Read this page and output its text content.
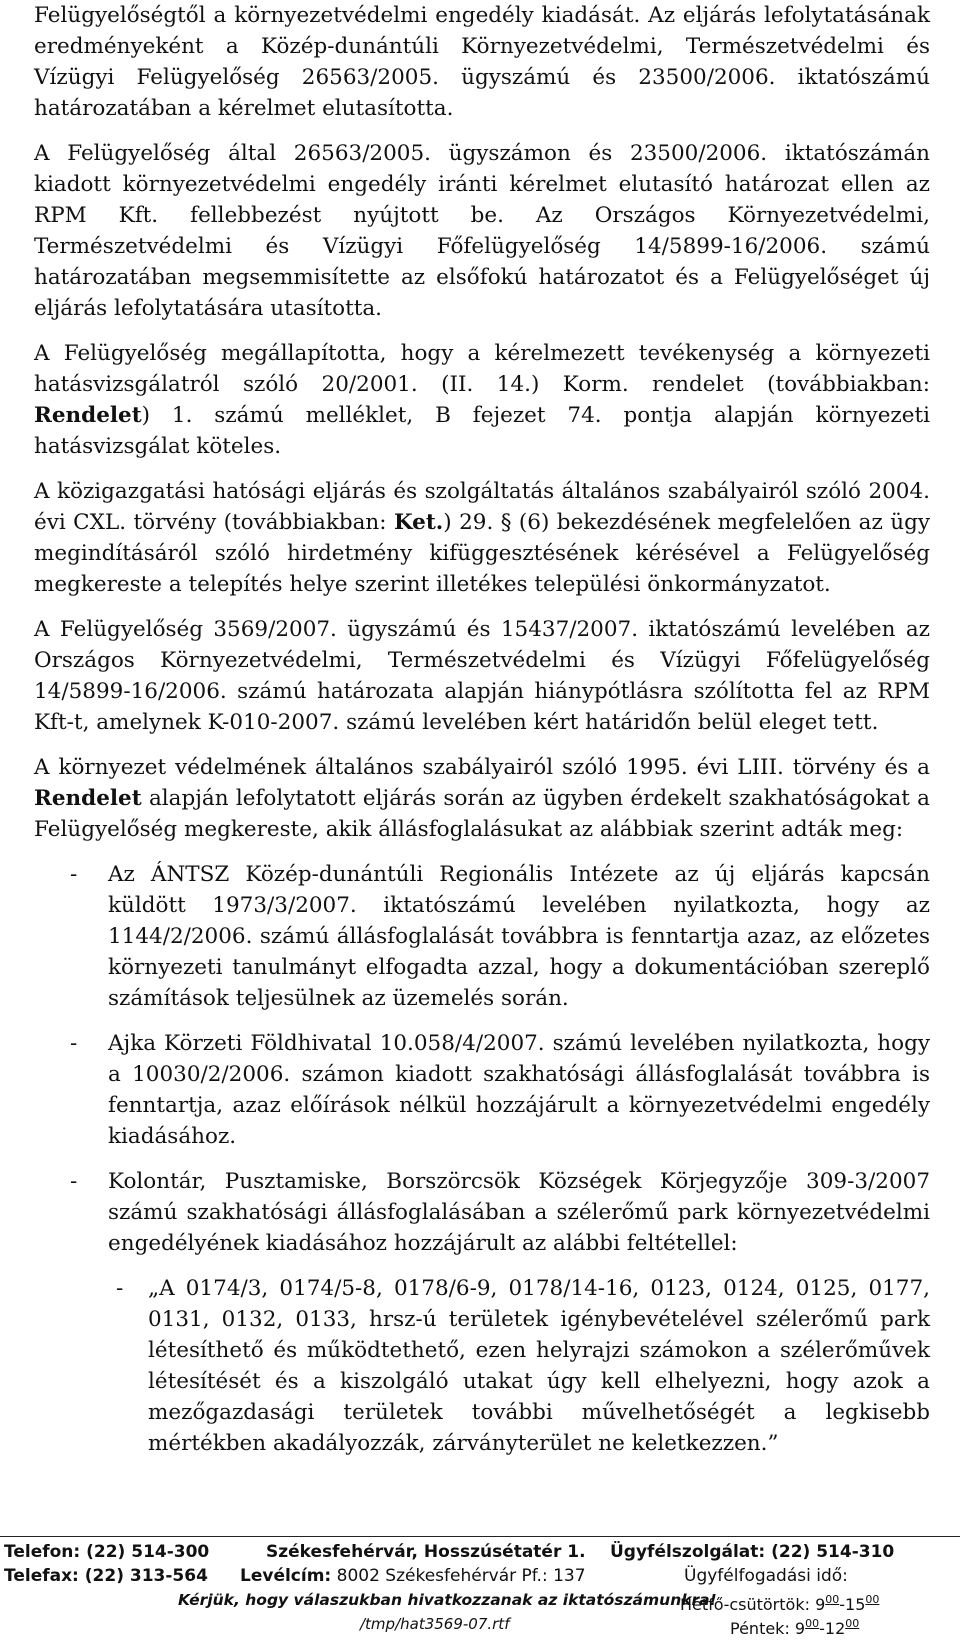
Felügyelőségtől a környezetvédelmi engedély kiadását. Az eljárás lefolytatásának eredményeként a Közép-dunántúli Környezetvédelmi, Természetvédelmi és Vízügyi Felügyelőség 26563/2005. ügyszámú és 23500/2006. iktatószámú határozatában a kérelmet elutasította.

A Felügyelőség által 26563/2005. ügyszámon és 23500/2006. iktatószámán kiadott környezetvédelmi engedély iránti kérelmet elutasító határozat ellen az RPM Kft. fellebbezést nyújtott be. Az Országos Környezetvédelmi, Természetvédelmi és Vízügyi Főfelügyelőség 14/5899-16/2006. számú határozatában megsemmisítette az elsőfokú határozatot és a Felügyelőséget új eljárás lefolytatására utasította.

A Felügyelőség megállapította, hogy a kérelmezett tevékenység a környezeti hatásvizsgálatról szóló 20/2001. (II. 14.) Korm. rendelet (továbbiakban: Rendelet) 1. számú melléklet, B fejezet 74. pontja alapján környezeti hatásvizsgálat köteles.

A közigazgatási hatósági eljárás és szolgáltatás általános szabályairól szóló 2004. évi CXL. törvény (továbbiakban: Ket.) 29. § (6) bekezdésének megfelelően az ügy megindításáról szóló hirdetmény kifüggesztésének kérésével a Felügyelőség megkereste a telepítés helye szerint illetékes települési önkormányzatot.

A Felügyelőség 3569/2007. ügyszámú és 15437/2007. iktatószámú levelében az Országos Környezetvédelmi, Természetvédelmi és Vízügyi Főfelügyelőség 14/5899-16/2006. számú határozata alapján hiánypótlásra szólította fel az RPM Kft-t, amelynek K-010-2007. számú levelében kért határidőn belül eleget tett.

A környezet védelmének általános szabályairól szóló 1995. évi LIII. törvény és a Rendelet alapján lefolytatott eljárás során az ügyben érdekelt szakhatóságokat a Felügyelőség megkereste, akik állásfoglalásukat az alábbiak szerint adták meg:

- Az ÁNTSZ Közép-dunántúli Regionális Intézete az új eljárás kapcsán küldött 1973/3/2007. iktatószámú levelében nyilatkozta, hogy az 1144/2/2006. számú állásfoglalását továbbra is fenntartja azaz, az előzetes környezeti tanulmányt elfogadta azzal, hogy a dokumentációban szereplő számítások teljesülnek az üzemelés során.

- Ajka Körzeti Földhivatal 10.058/4/2007. számú levelében nyilatkozta, hogy a 10030/2/2006. számon kiadott szakhatósági állásfoglalását továbbra is fenntartja, azaz előírások nélkül hozzájárult a környezetvédelmi engedély kiadásához.

- Kolontár, Pusztamiske, Borszörcsök Községek Körjegyzője 309-3/2007 számú szakhatósági állásfoglalásában a szélerőmű park környezetvédelmi engedélyének kiadásához hozzájárult az alábbi feltétellel:

- „A 0174/3, 0174/5-8, 0178/6-9, 0178/14-16, 0123, 0124, 0125, 0177, 0131, 0132, 0133, hrsz-ú területek igénybevételével szélerőmű park létesíthető és működtethető, ezen helyrajzi számokon a szélerőművek létesítését és a kiszolgáló utakat úgy kell elhelyezni, hogy azok a mezőgazdasági területek további művelhetőségét a legkisebb mértékben akadályozzák, zárványterület ne keletkezzen.”

Telefon: (22) 514-300	Székesfehérvár, Hosszúsétatér 1. Ügyfélszolgálat: (22) 514-310
Telefax: (22) 313-564 Levélcím: 8002 Székesfehérvár Pf.: 137	Ügyfélfogadási idő:
Kérjük, hogy válaszukban hivatkozzanak az iktatószámunkra!
Hétfő-csütörtök: $9^{00}-15^{00}$
/tmp/hat3569-07.rtf	Péntek: $9^{00}-12^{00}$
